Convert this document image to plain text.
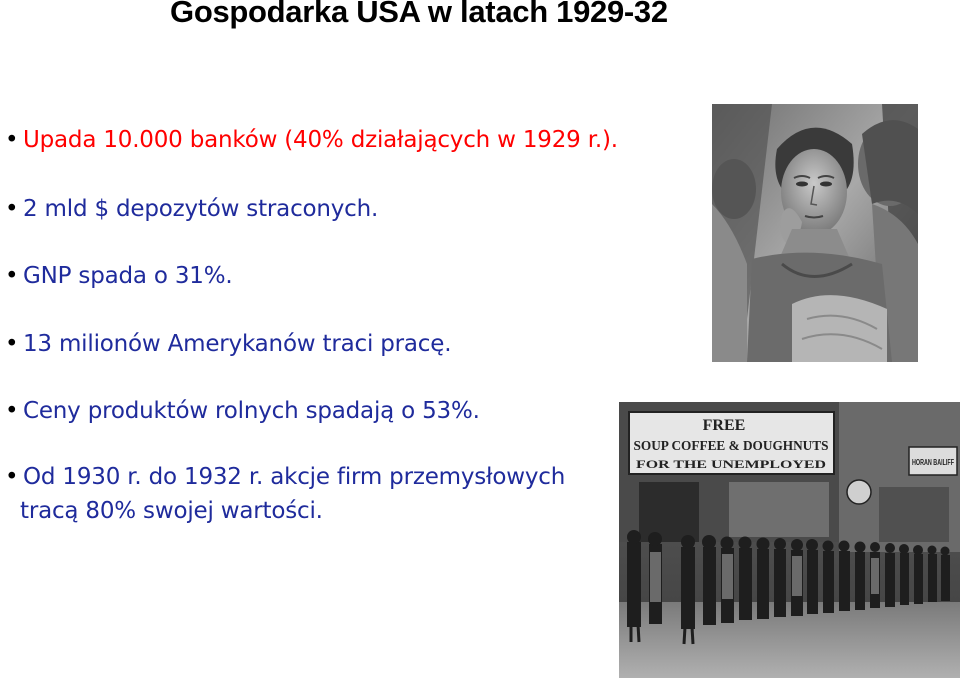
Gospodarka USA w latach 1929-32
• Upada 10.000 banków (40% działających w 1929 r.).
• 2 mld $ depozytów straconych.
• GNP spada o 31%.
• 13 milionów Amerykanów traci pracę.
• Ceny produktów rolnych spadają o 53%.
• Od 1930 r. do 1932 r. akcje firm przemysłowych
tracą 80% swojej wartości.
FREE
SOUP COFFEE & DOUGHNUTS
FOR THE UNEMPLOYED	HORAN BAILIFF
